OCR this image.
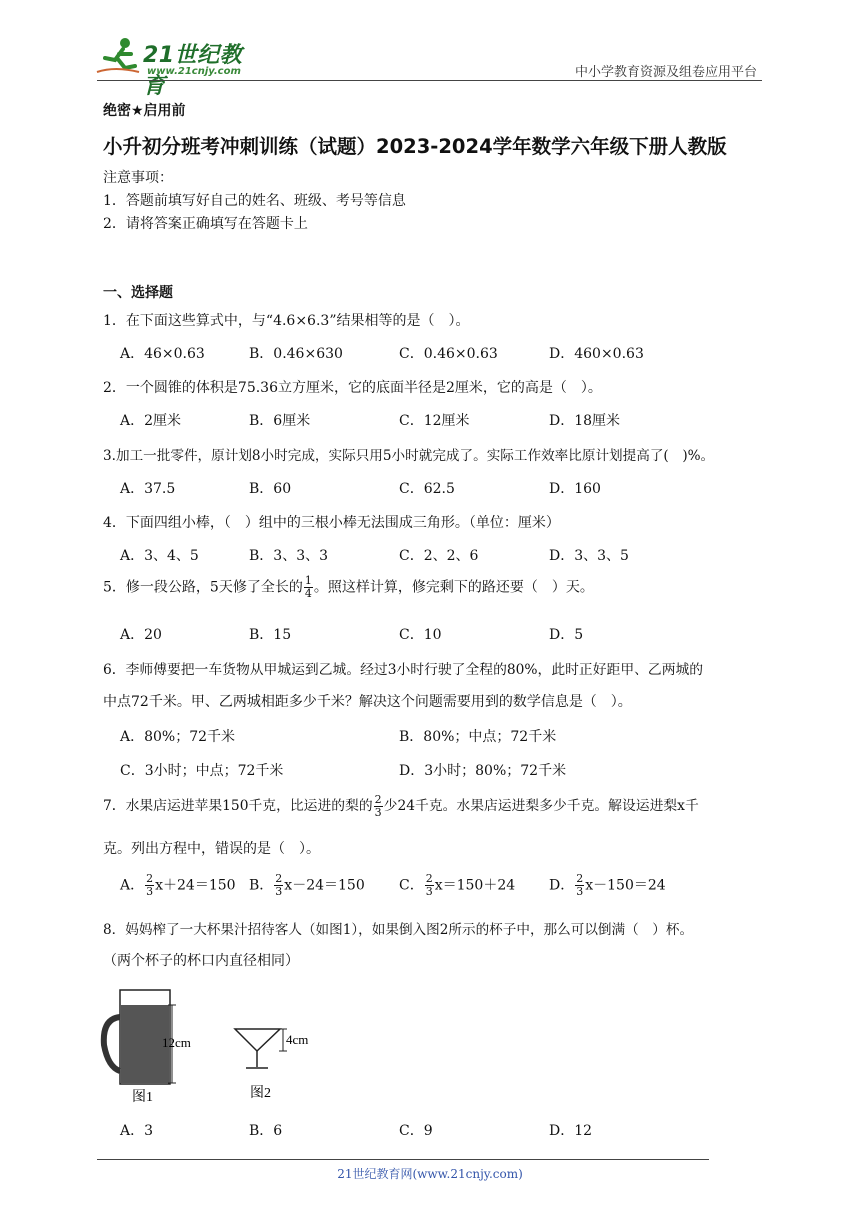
21世纪教育
www.21cnjy.com	中小学教育资源及组卷应用平台
绝密★启用前
小升初分班考冲刺训练（试题）2023-2024学年数学六年级下册人教版
注意事项：
1．答题前填写好自己的姓名、班级、考号等信息
2．请将答案正确填写在答题卡上
一、选择题
1．在下面这些算式中，与“4.6×6.3”结果相等的是（　）。
A．46×0.63	B．0.46×630	C．0.46×0.63	D．460×0.63
2．一个圆锥的体积是75.36立方厘米，它的底面半径是2厘米，它的高是（　）。
A．2厘米	B．6厘米	C．12厘米	D．18厘米
3.加工一批零件，原计划8小时完成，实际只用5小时就完成了。实际工作效率比原计划提高了(　)%。
A．37.5	B．60	C．62.5	D．160
4．下面四组小棒，（　）组中的三根小棒无法围成三角形。（单位：厘米）
A．3、4、5	B．3、3、3	C．2、2、6	D．3、3、5
5．修一段公路，5天修了全长的 $\frac{1}{4}$ 。照这样计算，修完剩下的路还要（　）天。
A．20	B．15	C．10	D．5
6．李师傅要把一车货物从甲城运到乙城。经过3小时行驶了全程的80%，此时正好距甲、乙两城的
中点72千米。甲、乙两城相距多少千米？解决这个问题需要用到的数学信息是（　）。
A．80%；72千米	B．80%；中点；72千米
C．3小时；中点；72千米	D．3小时；80%；72千米
7．水果店运进苹果150千克，比运进的梨的 $\frac{2}{3}$ 少24千克。水果店运进梨多少千克。解设运进梨x千
克。列出方程中，错误的是（　）。
A． $\frac{2}{3} x+24=150$ B． $\frac{2}{3} x-24=150$ C． $\frac{2}{3} x=150+24$ D． $\frac{2}{3} x-150=24$
8．妈妈榨了一大杯果汁招待客人（如图1），如果倒入图2所示的杯子中，那么可以倒满（　）杯。
（两个杯子的杯口内直径相同）
12cm
图1
4cm
图2
A．3	B．6	C．9	D．12
21世纪教育网(www.21cnjy.com)
